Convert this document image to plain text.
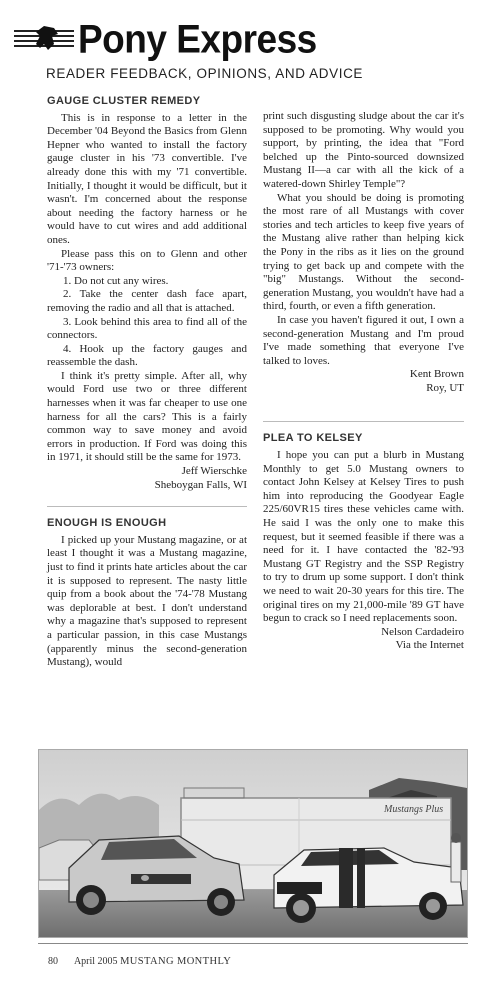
Pony Express
READER FEEDBACK, OPINIONS, AND ADVICE
GAUGE CLUSTER REMEDY

This is in response to a letter in the December '04 Beyond the Basics from Glenn Hepner who wanted to install the factory gauge cluster in his '73 convertible. I've already done this with my '71 convertible. Initially, I thought it would be difficult, but it wasn't. I'm concerned about the response about needing the factory harness or he would have to cut wires and add additional ones.

Please pass this on to Glenn and other '71-'73 owners:

1. Do not cut any wires.

2. Take the center dash face apart, removing the radio and all that is attached.

3. Look behind this area to find all of the connectors.

4. Hook up the factory gauges and reassemble the dash.

I think it's pretty simple. After all, why would Ford use two or three different harnesses when it was far cheaper to use one harness for all the cars? This is a fairly common way to save money and avoid errors in production. If Ford was doing this in 1971, it should still be the same for 1973.

Jeff Wierschke

Sheboygan Falls, WI

ENOUGH IS ENOUGH

I picked up your Mustang magazine, or at least I thought it was a Mustang magazine, just to find it prints hate articles about the car it is supposed to represent. The nasty little quip from a book about the '74-'78 Mustang was deplorable at best. I don't understand why a magazine that's supposed to represent a particular passion, in this case Mustangs (apparently minus the second-generation Mustang), would

print such disgusting sludge about the car it's supposed to be promoting. Why would you support, by printing, the idea that "Ford belched up the Pinto-sourced downsized Mustang II—a car with all the kick of a watered-down Shirley Temple"?

What you should be doing is promoting the most rare of all Mustangs with cover stories and tech articles to keep five years of the Mustang alive rather than helping kick the Pony in the ribs as it lies on the ground trying to get back up and compete with the "big" Mustangs. Without the second-generation Mustang, you wouldn't have had a third, fourth, or even a fifth generation.

In case you haven't figured it out, I own a second-generation Mustang and I'm proud I've made something that everyone I've talked to loves.

Kent Brown

Roy, UT

PLEA TO KELSEY

I hope you can put a blurb in Mustang Monthly to get 5.0 Mustang owners to contact John Kelsey at Kelsey Tires to push him into reproducing the Goodyear Eagle 225/60VR15 tires these vehicles came with. He said I was the only one to make this request, but it seemed feasible if there was a need for it. I have contacted the '82-'93 Mustang GT Registry and the SSP Registry to try to drum up some support. I don't think we need to wait 20-30 years for this tire. The original tires on my 21,000-mile '89 GT have begun to crack so I need replacements soon.

Nelson Cardadeiro

Via the Internet

Mustangs Plus
80 April 2005 MUSTANG MONTHLY
